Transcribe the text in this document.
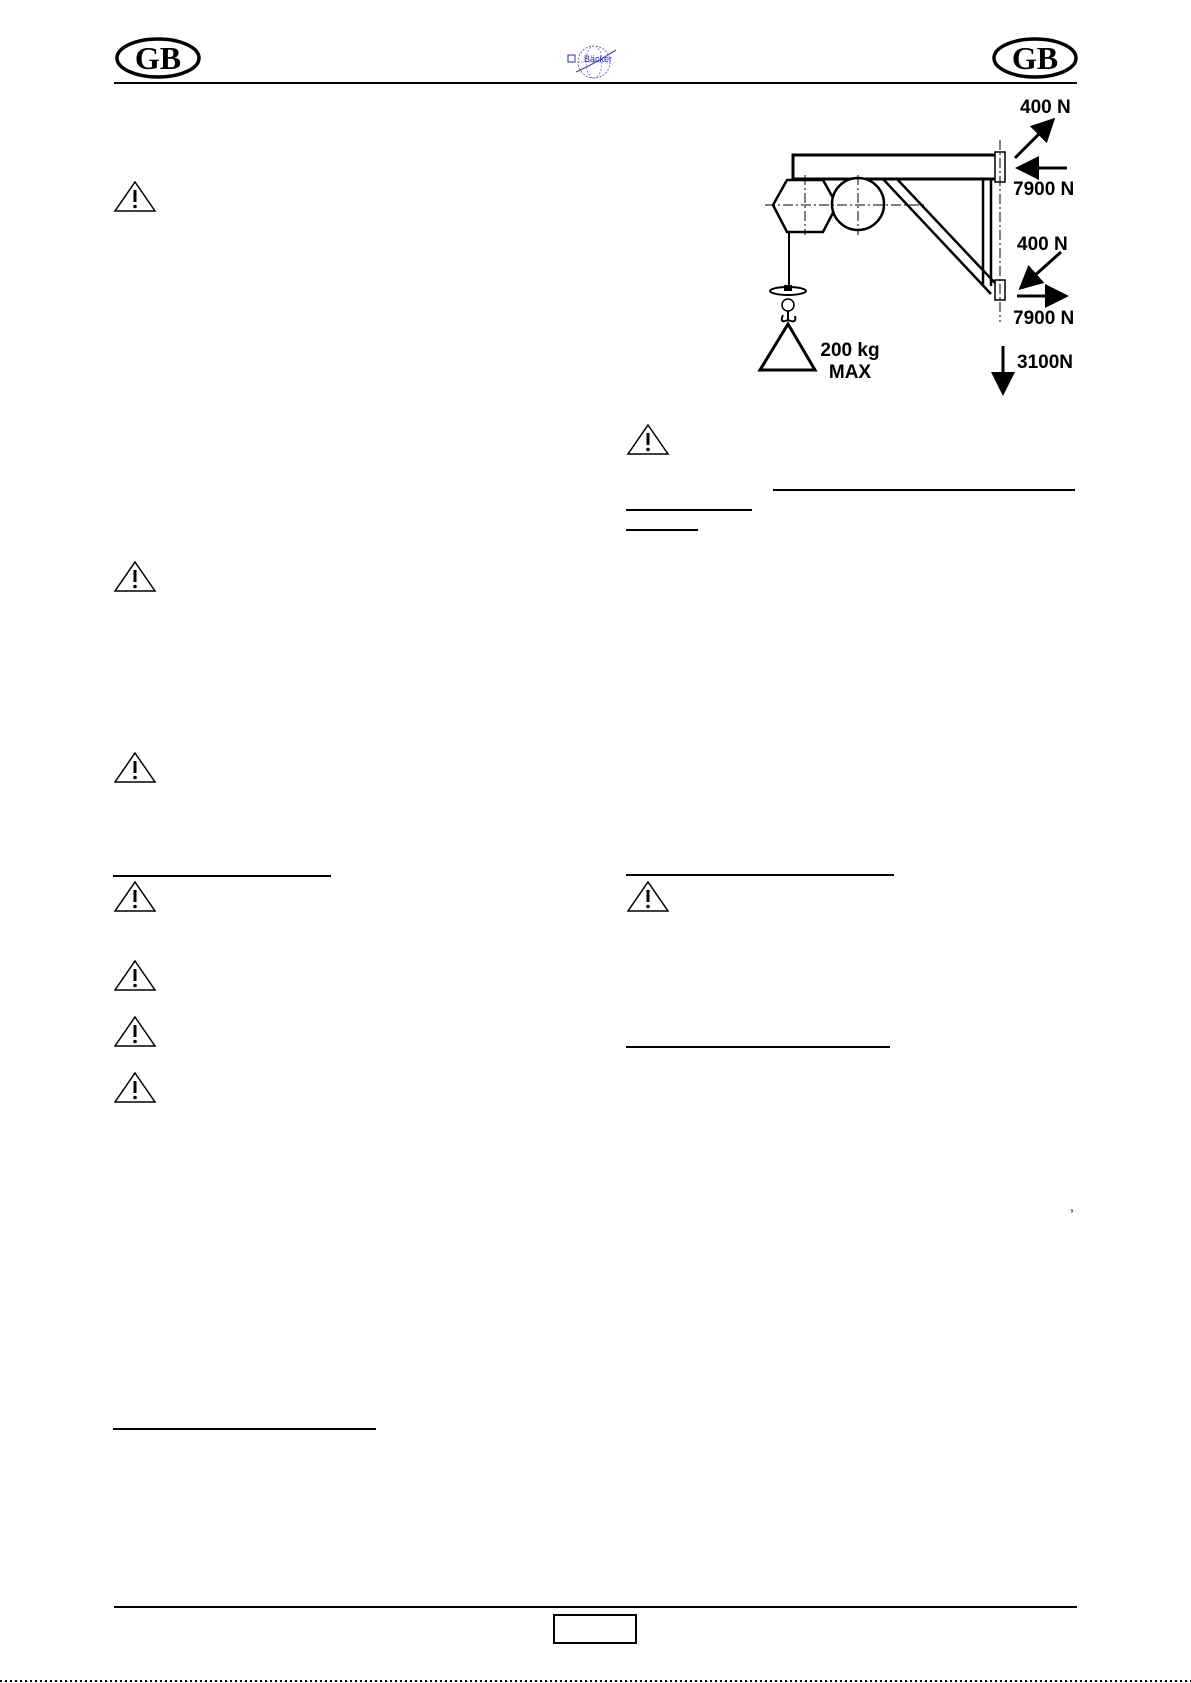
GB	Bäcker	GB
400 N
7900 N
400 N
7900 N
3100N
200 kg
MAX
,
